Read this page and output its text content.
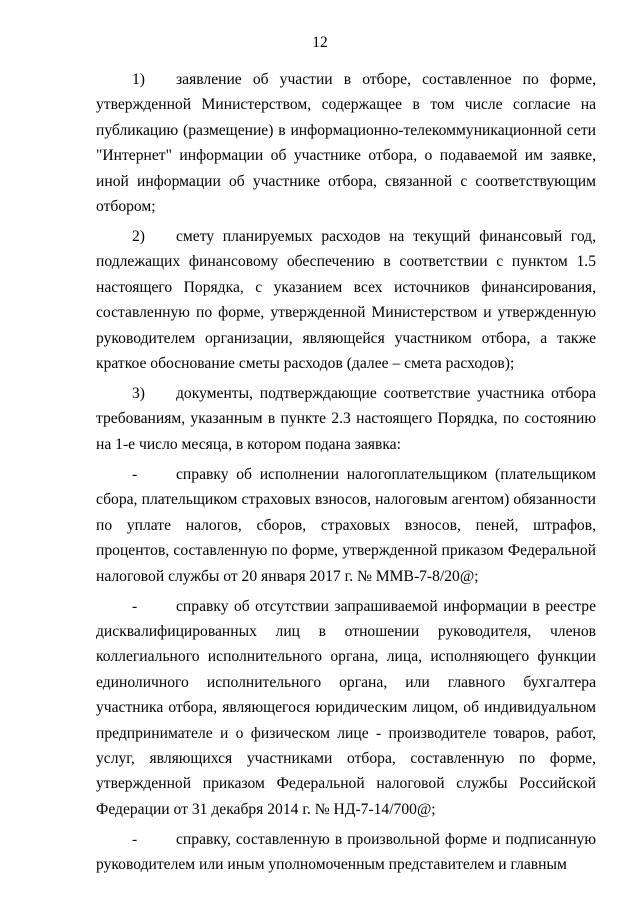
12

1) заявление об участии в отборе, составленное по форме, утвержденной Министерством, содержащее в том числе согласие на публикацию (размещение) в информационно-телекоммуникационной сети "Интернет" информации об участнике отбора, о подаваемой им заявке, иной информации об участнике отбора, связанной с соответствующим отбором;

2) смету планируемых расходов на текущий финансовый год, подлежащих финансовому обеспечению в соответствии с пунктом 1.5 настоящего Порядка, с указанием всех источников финансирования, составленную по форме, утвержденной Министерством и утвержденную руководителем организации, являющейся участником отбора, а также краткое обоснование сметы расходов (далее – смета расходов);

3) документы, подтверждающие соответствие участника отбора требованиям, указанным в пункте 2.3 настоящего Порядка, по состоянию на 1-е число месяца, в котором подана заявка:

- справку об исполнении налогоплательщиком (плательщиком сбора, плательщиком страховых взносов, налоговым агентом) обязанности по уплате налогов, сборов, страховых взносов, пеней, штрафов, процентов, составленную по форме, утвержденной приказом Федеральной налоговой службы от 20 января 2017 г. № ММВ-7-8/20@;

- справку об отсутствии запрашиваемой информации в реестре дисквалифицированных лиц в отношении руководителя, членов коллегиального исполнительного органа, лица, исполняющего функции единоличного исполнительного органа, или главного бухгалтера участника отбора, являющегося юридическим лицом, об индивидуальном предпринимателе и о физическом лице - производителе товаров, работ, услуг, являющихся участниками отбора, составленную по форме, утвержденной приказом Федеральной налоговой службы Российской Федерации от 31 декабря 2014 г. № НД-7-14/700@;

- справку, составленную в произвольной форме и подписанную руководителем или иным уполномоченным представителем и главным
